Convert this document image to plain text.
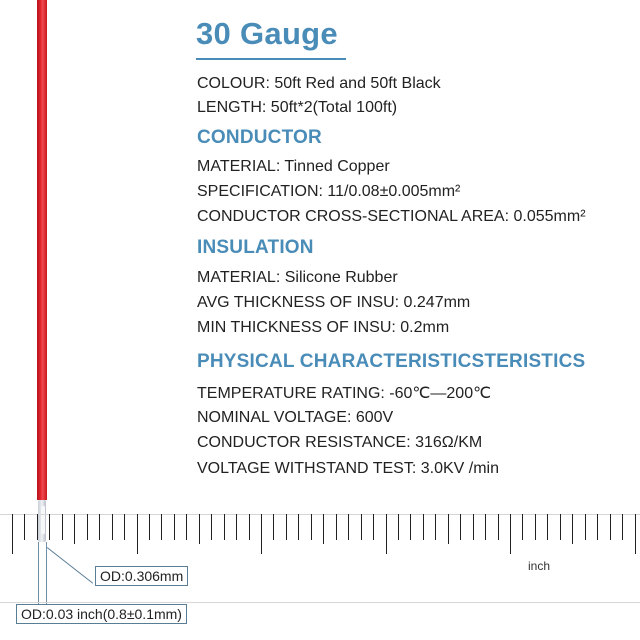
30 Gauge
COLOUR: 50ft Red and 50ft Black
LENGTH: 50ft*2(Total 100ft)
CONDUCTOR
MATERIAL: Tinned Copper
SPECIFICATION: 11/0.08±0.005mm²
CONDUCTOR CROSS-SECTIONAL AREA: 0.055mm²
INSULATION
MATERIAL: Silicone Rubber
AVG THICKNESS OF INSU: 0.247mm
MIN THICKNESS OF INSU: 0.2mm
PHYSICAL CHARACTERISTICSTERISTICS
TEMPERATURE RATING: -60℃—200℃
NOMINAL VOLTAGE: 600V
CONDUCTOR RESISTANCE: 316Ω/KM
VOLTAGE WITHSTAND TEST: 3.0KV /min
inch
OD:0.306mm
OD:0.03 inch(0.8±0.1mm)
